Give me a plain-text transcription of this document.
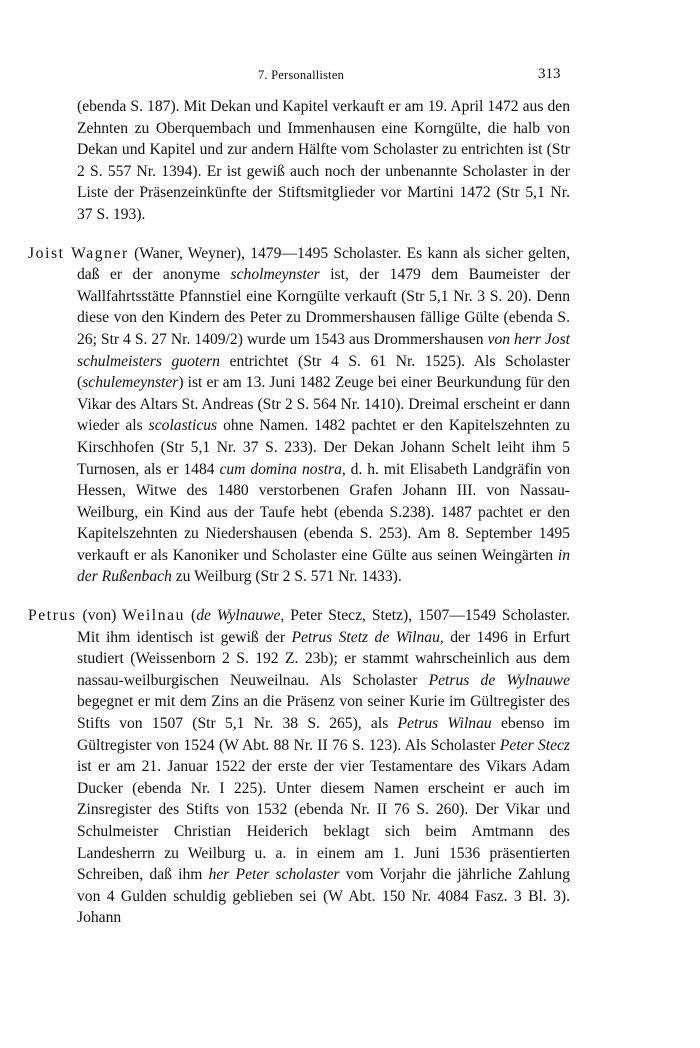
7. Personallisten	313

(ebenda S. 187). Mit Dekan und Kapitel verkauft er am 19. April 1472 aus den Zehnten zu Oberquembach und Immenhausen eine Korngülte, die halb von Dekan und Kapitel und zur andern Hälfte vom Scholaster zu entrichten ist (Str 2 S. 557 Nr. 1394). Er ist gewiß auch noch der unbenannte Scholaster in der Liste der Präsenzeinkünfte der Stiftsmitglieder vor Martini 1472 (Str 5,1 Nr. 37 S. 193).

Joist Wagner (Waner, Weyner), 1479—1495 Scholaster. Es kann als sicher gelten, daß er der anonyme scholmeynster ist, der 1479 dem Baumeister der Wallfahrtsstätte Pfannstiel eine Korngülte verkauft (Str 5,1 Nr. 3 S. 20). Denn diese von den Kindern des Peter zu Drommershausen fällige Gülte (ebenda S. 26; Str 4 S. 27 Nr. 1409/2) wurde um 1543 aus Drommershausen von herr Jost schulmeisters guotern entrichtet (Str 4 S. 61 Nr. 1525). Als Scholaster (schulemeynster) ist er am 13. Juni 1482 Zeuge bei einer Beurkundung für den Vikar des Altars St. Andreas (Str 2 S. 564 Nr. 1410). Dreimal erscheint er dann wieder als scolasticus ohne Namen. 1482 pachtet er den Kapitelszehnten zu Kirschhofen (Str 5,1 Nr. 37 S. 233). Der Dekan Johann Schelt leiht ihm 5 Turnosen, als er 1484 cum domina nostra, d. h. mit Elisabeth Landgräfin von Hessen, Witwe des 1480 verstorbenen Grafen Johann III. von Nassau-Weilburg, ein Kind aus der Taufe hebt (ebenda S.238). 1487 pachtet er den Kapitelszehnten zu Niedershausen (ebenda S. 253). Am 8. September 1495 verkauft er als Kanoniker und Scholaster eine Gülte aus seinen Weingärten in der Rußenbach zu Weilburg (Str 2 S. 571 Nr. 1433).

Petrus (von) Weilnau (de Wylnauwe, Peter Stecz, Stetz), 1507—1549 Scholaster. Mit ihm identisch ist gewiß der Petrus Stetz de Wilnau, der 1496 in Erfurt studiert (Weissenborn 2 S. 192 Z. 23b); er stammt wahrscheinlich aus dem nassau-weilburgischen Neuweilnau. Als Scholaster Petrus de Wylnauwe begegnet er mit dem Zins an die Präsenz von seiner Kurie im Gültregister des Stifts von 1507 (Str 5,1 Nr. 38 S. 265), als Petrus Wilnau ebenso im Gültregister von 1524 (W Abt. 88 Nr. II 76 S. 123). Als Scholaster Peter Stecz ist er am 21. Januar 1522 der erste der vier Testamentare des Vikars Adam Ducker (ebenda Nr. I 225). Unter diesem Namen erscheint er auch im Zinsregister des Stifts von 1532 (ebenda Nr. II 76 S. 260). Der Vikar und Schulmeister Christian Heiderich beklagt sich beim Amtmann des Landesherrn zu Weilburg u. a. in einem am 1. Juni 1536 präsentierten Schreiben, daß ihm her Peter scholaster vom Vorjahr die jährliche Zahlung von 4 Gulden schuldig geblieben sei (W Abt. 150 Nr. 4084 Fasz. 3 Bl. 3). Johann
